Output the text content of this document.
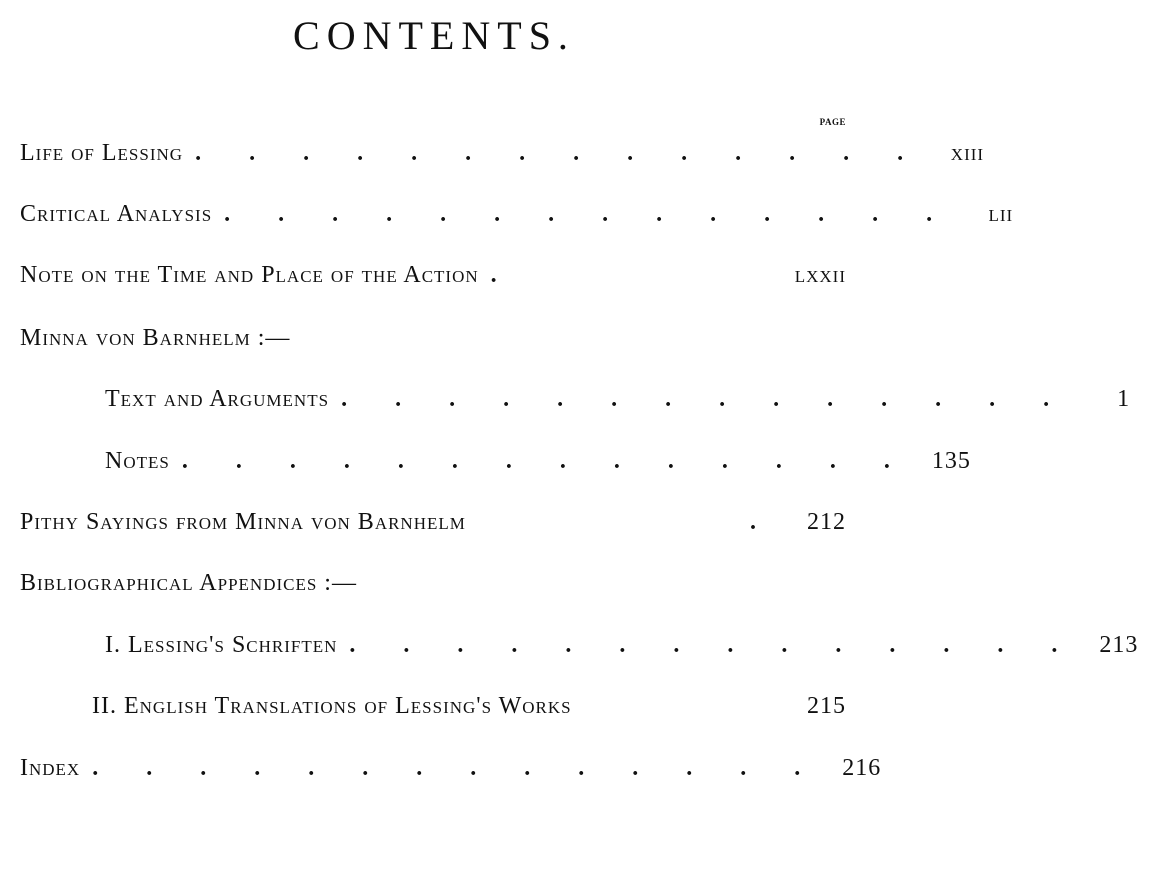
CONTENTS.
PAGE
Life of Lessing . . . . . . . . . . . . . .	xiii
Critical Analysis . . . . . . . . . . . . . .	lii
Note on the Time and Place of the Action .	lxxii
Minna von Barnhelm :—
Text and Arguments . . . . . . . . . . . . . .	1
Notes . . . . . . . . . . . . . . 135
Pithy Sayings from Minna von Barnhelm	.	212
Bibliographical Appendices :—
I. Lessing's Schriften . . . . . . . . . . . . . . 213
II. English Translations of Lessing's Works	215
Index . . . . . . . . . . . . . . 216
